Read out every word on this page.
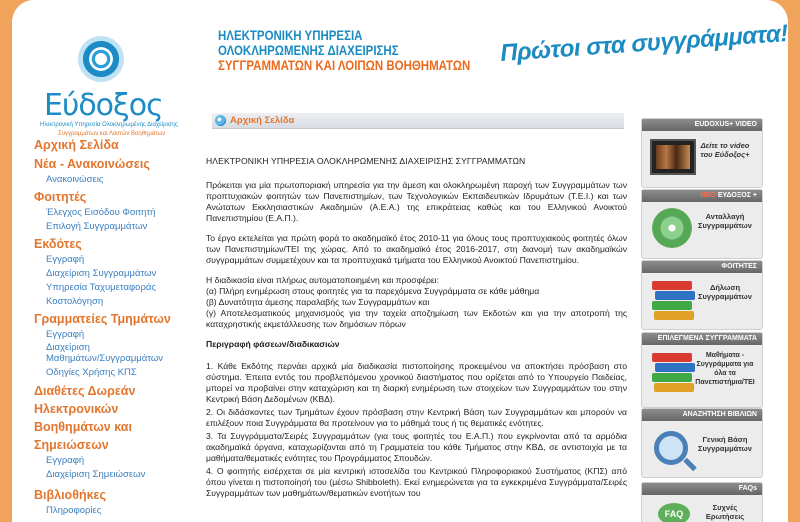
Εύδοξος
Ηλεκτρονική Υπηρεσία Ολοκληρωμένης Διαχείρισης
Συγγραμμάτων και Λοιπών Βοηθημάτων
ΗΛΕΚΤΡΟΝΙΚΗ ΥΠΗΡΕΣΙΑ
ΟΛΟΚΛΗΡΩΜΕΝΗΣ ΔΙΑΧΕΙΡΙΣΗΣ
ΣΥΓΓΡΑΜΜΑΤΩΝ ΚΑΙ ΛΟΙΠΩΝ ΒΟΗΘΗΜΑΤΩΝ Πρώτοι στα συγγράμματα!
Αρχική Σελίδα
Νέα - Ανακοινώσεις
Ανακοινώσεις
Φοιτητές
Έλεγχος Εισόδου Φοιτητή
Επιλογή Συγγραμμάτων
Εκδότες
Εγγραφή
Διαχείριση Συγγραμμάτων
Υπηρεσία Ταχυμεταφοράς
Κοστολόγηση
Γραμματείες Τμημάτων
Εγγραφή
Διαχείριση
Μαθημάτων/Συγγραμμάτων
Οδηγίες Χρήσης ΚΠΣ
Διαθέτες Δωρεάν
Ηλεκτρονικών
Βοηθημάτων και
Σημειώσεων
Εγγραφή
Διαχείριση Σημειώσεων
Βιβλιοθήκες
Πληροφορίες
Αρχική Σελίδα
ΗΛΕΚΤΡΟΝΙΚΗ ΥΠΗΡΕΣΙΑ ΟΛΟΚΛΗΡΩΜΕΝΗΣ ΔΙΑΧΕΙΡΙΣΗΣ ΣΥΓΓΡΑΜΜΑΤΩΝ

Πρόκειται για μία πρωτοποριακή υπηρεσία για την άμεση και ολοκληρωμένη παροχή των Συγγραμμάτων των προπτυχιακών φοιτητών των Πανεπιστημίων, των Τεχνολογικών Εκπαιδευτικών Ιδρυμάτων (Τ.Ε.Ι.) και των Ανώτατων Εκκλησιαστικών Ακαδημιών (Α.Ε.Α.) της επικράτειας καθώς και του Ελληνικού Ανοικτού Πανεπιστημίου (Ε.Α.Π.).

Το έργο εκτελείται για πρώτη φορά το ακαδημαϊκό έτος 2010-11 για όλους τους προπτυχιακούς φοιτητές όλων των Πανεπιστημίων/ΤΕΙ της χώρας. Από το ακαδημαϊκό έτος 2016-2017, στη διανομή των ακαδημαϊκών συγγραμμάτων συμμετέχουν και τα προπτυχιακά τμήματα του Ελληνικού Ανοικτού Πανεπιστημίου.

Η διαδικασία είναι πλήρως αυτοματοποιημένη και προσφέρει:
(α) Πλήρη ενημέρωση στους φοιτητές για τα παρεχόμενα Συγγράμματα σε κάθε μάθημα
(β) Δυνατότητα άμεσης παραλαβής των Συγγραμμάτων και
(γ) Αποτελεσματικούς μηχανισμούς για την ταχεία αποζημίωση των Εκδοτών και για την αποτροπή της καταχρηστικής εκμετάλλευσης των δημόσιων πόρων

Περιγραφή φάσεων/διαδικασιών

1. Κάθε Εκδότης περνάει αρχικά μία διαδικασία πιστοποίησης προκειμένου να αποκτήσει πρόσβαση στο σύστημα. Έπειτα εντός του προβλεπόμενου χρονικού διαστήματος που ορίζεται από το Υπουργείο Παιδείας, μπορεί να προβαίνει στην καταχώριση και τη διαρκή ενημέρωση των στοιχείων των Συγγραμμάτων του στην Κεντρική Βάση Δεδομένων (ΚΒΔ).

2. Οι διδάσκοντες των Τμημάτων έχουν πρόσβαση στην Κεντρική Βάση των Συγγραμμάτων και μπορούν να επιλέξουν ποια Συγγράμματα θα προτείνουν για το μάθημά τους ή τις θεματικές ενότητες.

3. Τα Συγγράμματα/Σειρές Συγγραμμάτων (για τους φοιτητές του Ε.Α.Π.) που εγκρίνονται από τα αρμόδια ακαδημαϊκά όργανα, καταχωρίζονται από τη Γραμματεία του κάθε Τμήματος στην ΚΒΔ, σε αντιστοιχία με τα μαθήματα/θεματικές ενότητες του Προγράμματος Σπουδών.

4. Ο φοιτητής εισέρχεται σε μία κεντρική ιστοσελίδα του Κεντρικού Πληροφοριακού Συστήματος (ΚΠΣ) από όπου γίνεται η πιστοποίησή του (μέσω Shibboleth). Εκεί ενημερώνεται για τα εγκεκριμένα Συγγράμματα/Σειρές Συγγραμμάτων των μαθημάτων/θεματικών ενοτήτων του

EUDOXUS+ VIDEO
Δείτε το video του Εύδοξος+
ΝΕΟ ΕΥΔΟΞΟΣ +
Ανταλλαγή Συγγραμμάτων
ΦΟΙΤΗΤΕΣ
Δήλωση Συγγραμμάτων
ΕΠΙΛΕΓΜΕΝΑ ΣΥΓΓΡΑΜΜΑΤΑ
Μαθήματα - Συγγράμματα για όλα τα Πανεπιστήμια/ΤΕΙ
ΑΝΑΖΗΤΗΣΗ ΒΙΒΛΙΩΝ
Γενική Βάση Συγγραμμάτων
FAQs
FAQ
Συχνές Ερωτήσεις
